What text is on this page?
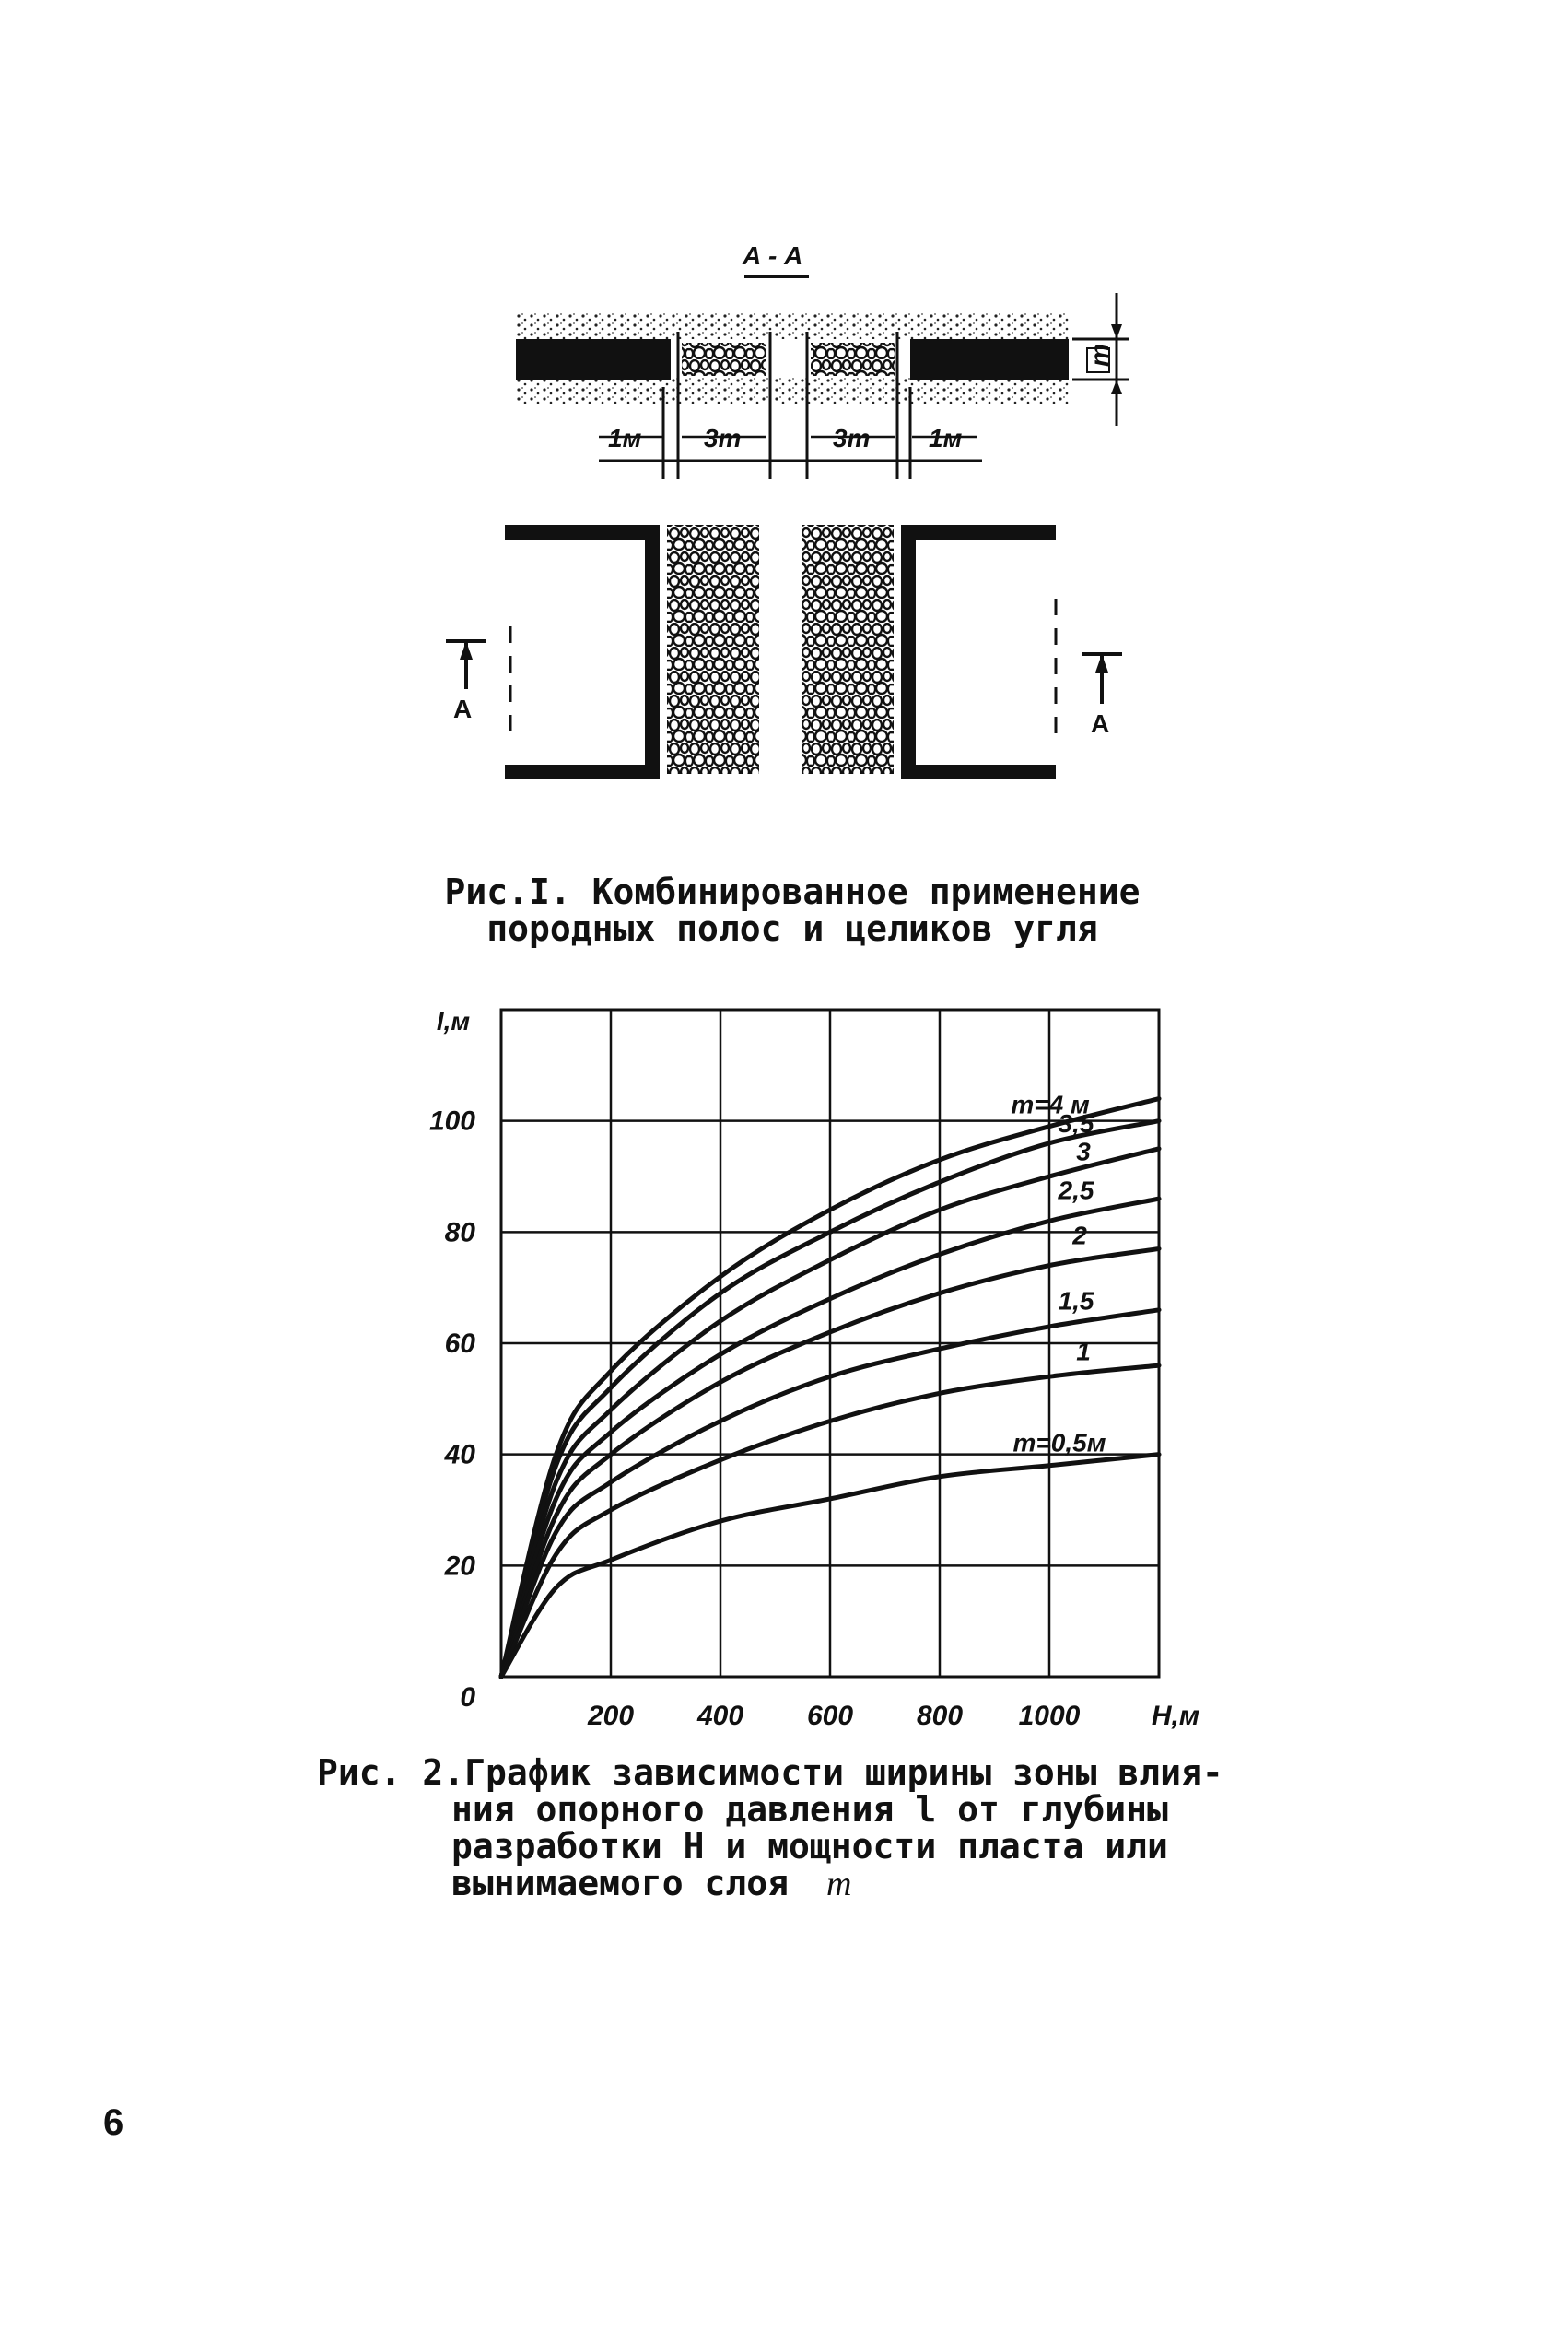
А - А
m
1м 3m	3m 1м
А
А
Рис.I. Комбинированное применение
породных полос и целиков угля
m=4 м
3,5
3
2,5
2
1,5
1
m=0,5м
200 400 600 800 1000
0
20
40
60
80
100
l,м
Н,м
Рис. 2.График зависимости ширины зоны влия-
ния опорного давления l от глубины
разработки Н и мощности пласта или
вынимаемого слоя m
6
